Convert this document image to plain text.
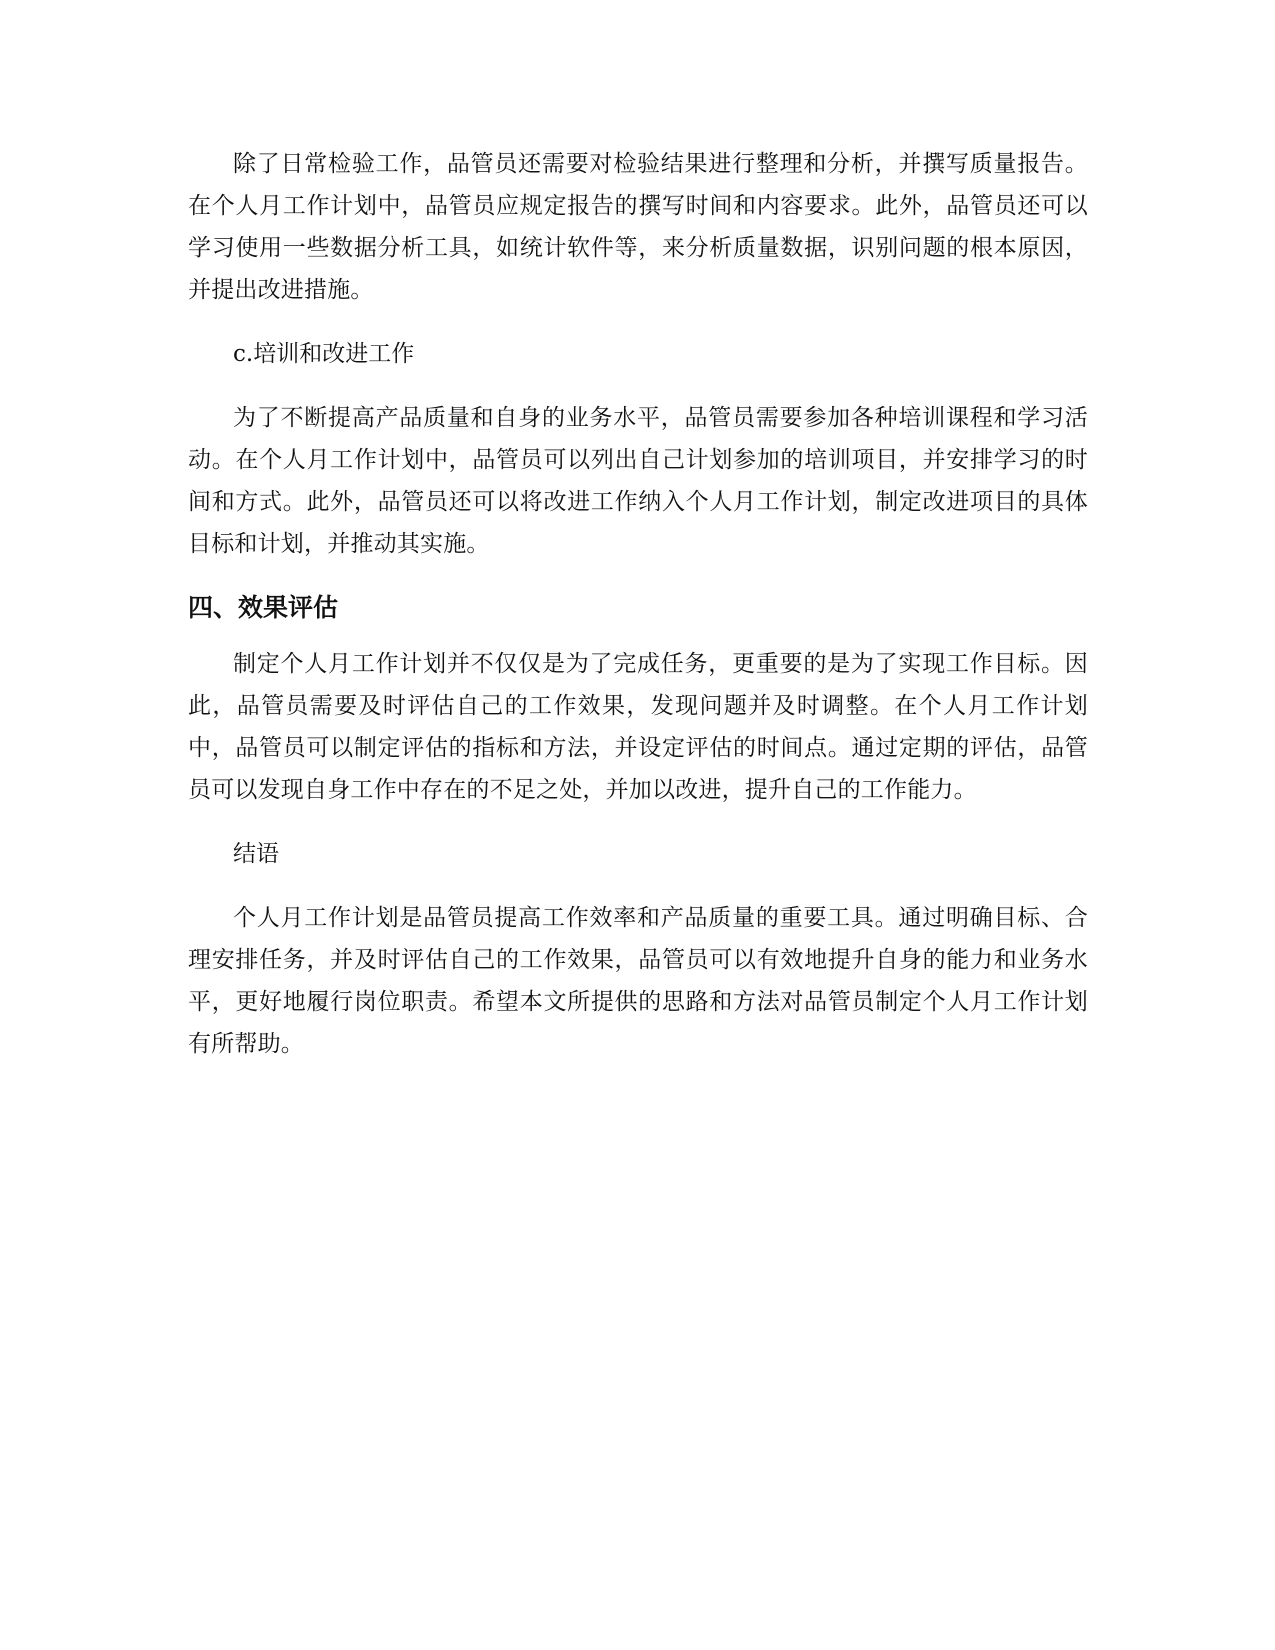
除了日常检验工作，品管员还需要对检验结果进行整理和分析，并撰写质量报告。在个人月工作计划中，品管员应规定报告的撰写时间和内容要求。此外，品管员还可以学习使用一些数据分析工具，如统计软件等，来分析质量数据，识别问题的根本原因，并提出改进措施。

c.培训和改进工作

为了不断提高产品质量和自身的业务水平，品管员需要参加各种培训课程和学习活动。在个人月工作计划中，品管员可以列出自己计划参加的培训项目，并安排学习的时间和方式。此外，品管员还可以将改进工作纳入个人月工作计划，制定改进项目的具体目标和计划，并推动其实施。

四、效果评估

制定个人月工作计划并不仅仅是为了完成任务，更重要的是为了实现工作目标。因此，品管员需要及时评估自己的工作效果，发现问题并及时调整。在个人月工作计划中，品管员可以制定评估的指标和方法，并设定评估的时间点。通过定期的评估，品管员可以发现自身工作中存在的不足之处，并加以改进，提升自己的工作能力。

结语

个人月工作计划是品管员提高工作效率和产品质量的重要工具。通过明确目标、合理安排任务，并及时评估自己的工作效果，品管员可以有效地提升自身的能力和业务水平，更好地履行岗位职责。希望本文所提供的思路和方法对品管员制定个人月工作计划有所帮助。
